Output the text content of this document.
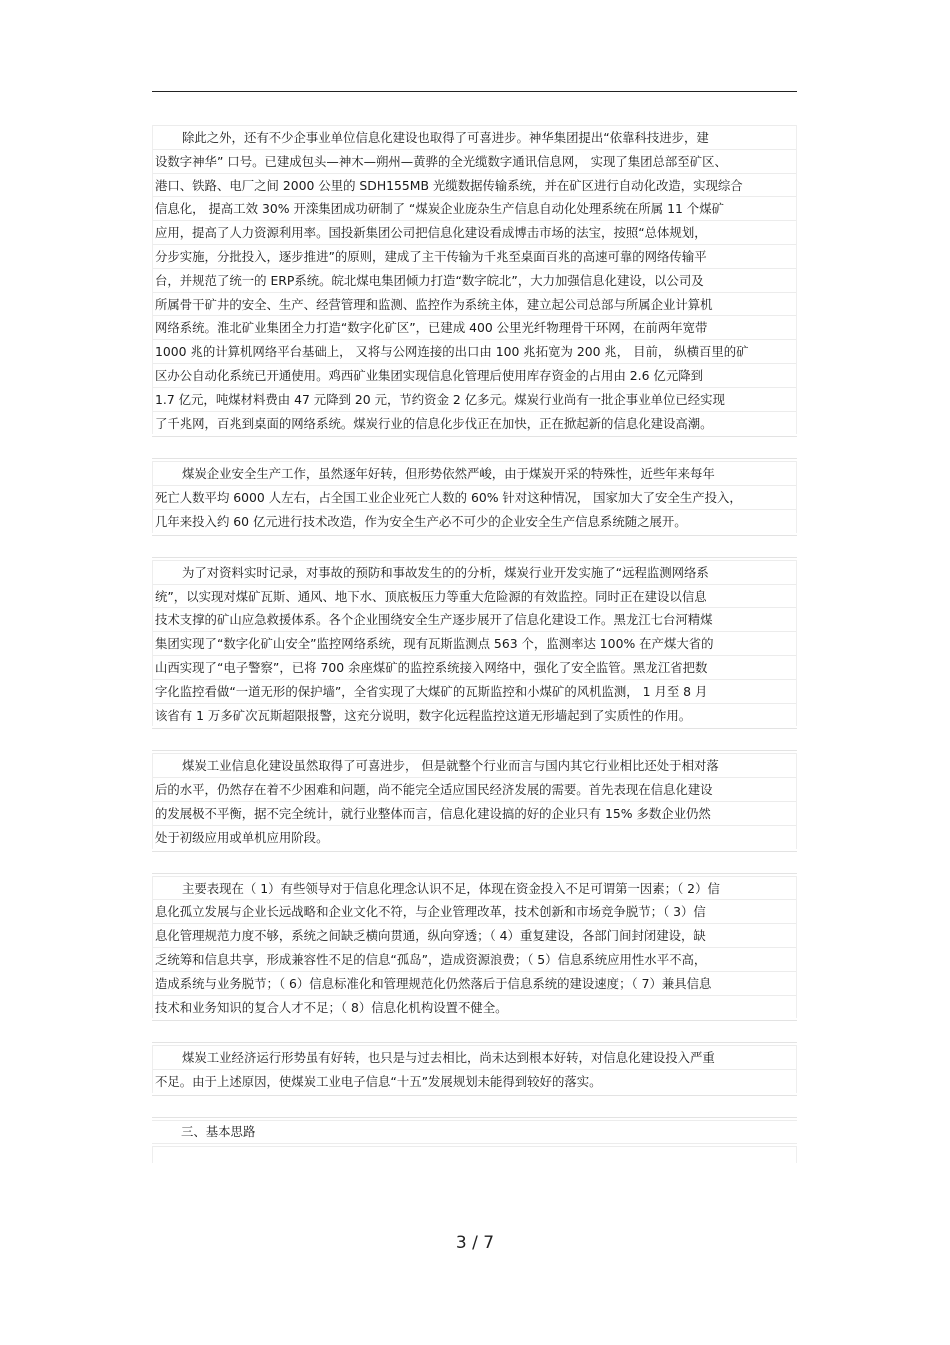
除此之外，还有不少企事业单位信息化建设也取得了可喜进步。神华集团提出“依靠科技进步，建
设数字神华” 口号。已建成包头—神木—朔州—黄骅的全光缆数字通讯信息网， 实现了集团总部至矿区、
港口、铁路、电厂之间 2000 公里的 SDH155MB 光缆数据传输系统，并在矿区进行自动化改造，实现综合
信息化， 提高工效 30% 开滦集团成功研制了 “煤炭企业庞杂生产信息自动化处理系统在所属 11 个煤矿
应用，提高了人力资源利用率。国投新集团公司把信息化建设看成博击市场的法宝，按照“总体规划，
分步实施，分批投入，逐步推进”的原则，建成了主干传输为千兆至桌面百兆的高速可靠的网络传输平
台，并规范了统一的 ERP系统。皖北煤电集团倾力打造“数字皖北”，大力加强信息化建设，以公司及
所属骨干矿井的安全、生产、经营管理和监测、监控作为系统主体，建立起公司总部与所属企业计算机
网络系统。淮北矿业集团全力打造“数字化矿区”，已建成 400 公里光纤物理骨干环网，在前两年宽带
1000 兆的计算机网络平台基础上， 又将与公网连接的出口由 100 兆拓宽为 200 兆， 目前， 纵横百里的矿
区办公自动化系统已开通使用。鸡西矿业集团实现信息化管理后使用库存资金的占用由 2.6 亿元降到
1.7 亿元，吨煤材料费由 47 元降到 20 元，节约资金 2 亿多元。煤炭行业尚有一批企事业单位已经实现
了千兆网，百兆到桌面的网络系统。煤炭行业的信息化步伐正在加快，正在掀起新的信息化建设高潮。
煤炭企业安全生产工作，虽然逐年好转，但形势依然严峻，由于煤炭开采的特殊性，近些年来每年
死亡人数平均 6000 人左右，占全国工业企业死亡人数的 60% 针对这种情况， 国家加大了安全生产投入，
几年来投入约 60 亿元进行技术改造，作为安全生产必不可少的企业安全生产信息系统随之展开。
为了对资料实时记录，对事故的预防和事故发生的的分析，煤炭行业开发实施了“远程监测网络系
统”，以实现对煤矿瓦斯、通风、地下水、顶底板压力等重大危险源的有效监控。同时正在建设以信息
技术支撑的矿山应急救援体系。各个企业围绕安全生产逐步展开了信息化建设工作。黑龙江七台河精煤
集团实现了“数字化矿山安全”监控网络系统，现有瓦斯监测点 563 个，监测率达 100% 在产煤大省的
山西实现了“电子警察”，已将 700 余座煤矿的监控系统接入网络中，强化了安全监管。黑龙江省把数
字化监控看做“一道无形的保护墙”，全省实现了大煤矿的瓦斯监控和小煤矿的风机监测， 1 月至 8 月
该省有 1 万多矿次瓦斯超限报警，这充分说明，数字化远程监控这道无形墙起到了实质性的作用。
煤炭工业信息化建设虽然取得了可喜进步， 但是就整个行业而言与国内其它行业相比还处于相对落
后的水平，仍然存在着不少困难和问题，尚不能完全适应国民经济发展的需要。首先表现在信息化建设
的发展极不平衡，据不完全统计，就行业整体而言，信息化建设搞的好的企业只有 15% 多数企业仍然
处于初级应用或单机应用阶段。
主要表现在（ 1）有些领导对于信息化理念认识不足，体现在资金投入不足可谓第一因素；（ 2）信
息化孤立发展与企业长远战略和企业文化不符，与企业管理改革，技术创新和市场竞争脱节；（ 3）信
息化管理规范力度不够，系统之间缺乏横向贯通，纵向穿透；（ 4）重复建设，各部门间封闭建设，缺
乏统筹和信息共享，形成兼容性不足的信息“孤岛”，造成资源浪费；（ 5）信息系统应用性水平不高，
造成系统与业务脱节；（ 6）信息标准化和管理规范化仍然落后于信息系统的建设速度；（ 7）兼具信息
技术和业务知识的复合人才不足；（ 8）信息化机构设置不健全。
煤炭工业经济运行形势虽有好转，也只是与过去相比，尚未达到根本好转，对信息化建设投入严重
不足。由于上述原因，使煤炭工业电子信息“十五”发展规划未能得到较好的落实。
三、基本思路
3 / 7
